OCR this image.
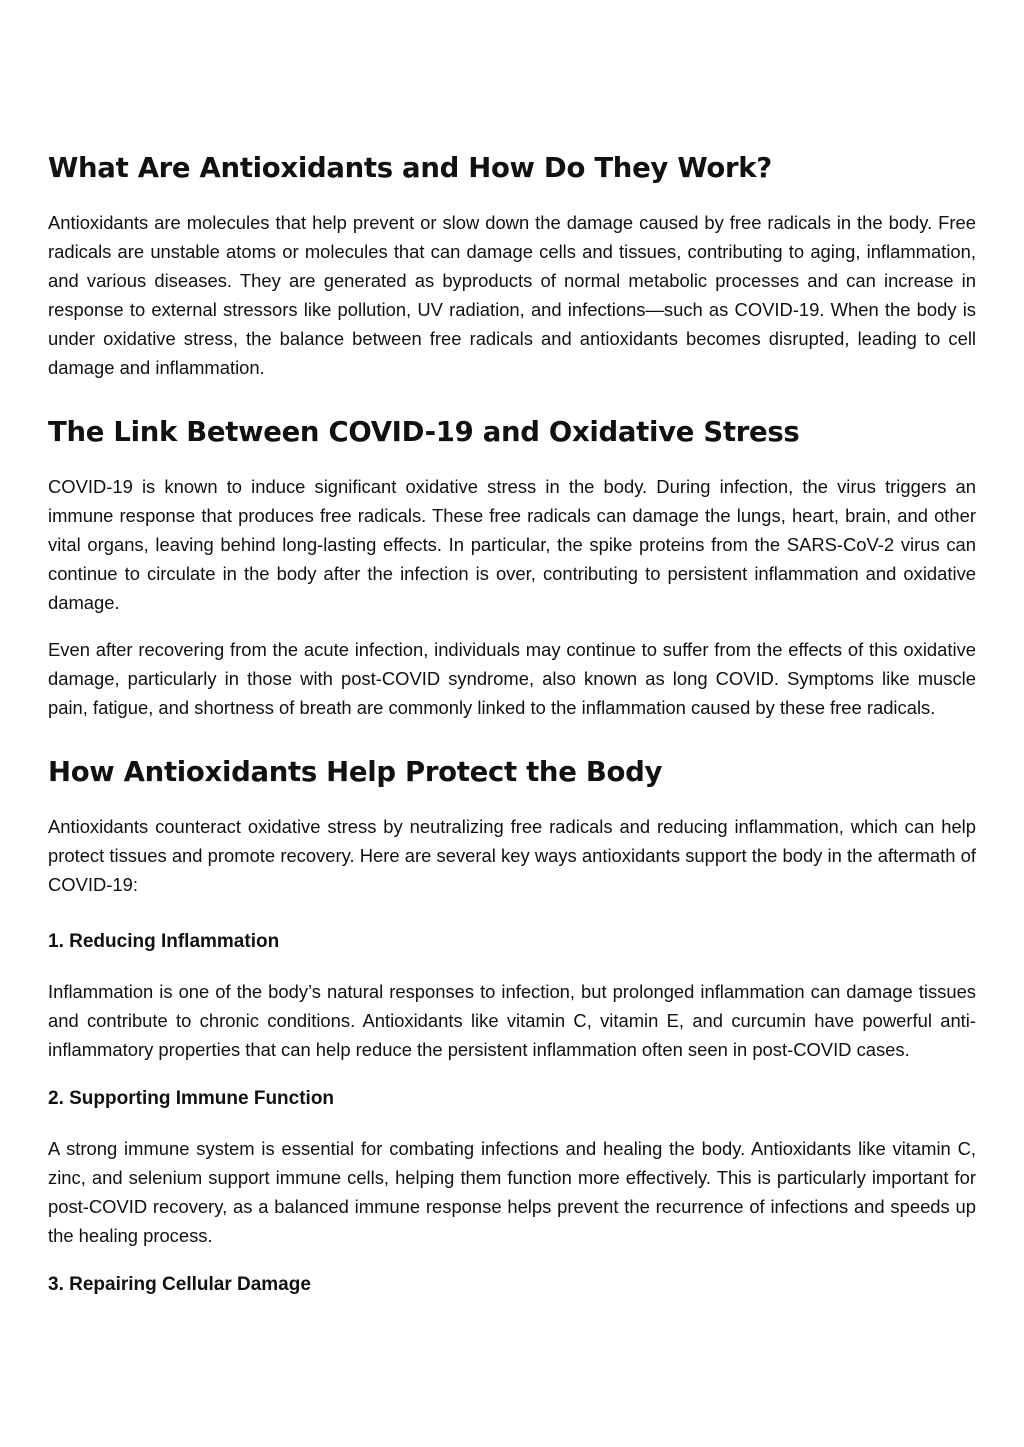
What Are Antioxidants and How Do They Work?

Antioxidants are molecules that help prevent or slow down the damage caused by free radicals in the body. Free radicals are unstable atoms or molecules that can damage cells and tissues, contributing to aging, inflammation, and various diseases. They are generated as byproducts of normal metabolic processes and can increase in response to external stressors like pollution, UV radiation, and infections—such as COVID-19. When the body is under oxidative stress, the balance between free radicals and antioxidants becomes disrupted, leading to cell damage and inflammation.

The Link Between COVID-19 and Oxidative Stress

COVID-19 is known to induce significant oxidative stress in the body. During infection, the virus triggers an immune response that produces free radicals. These free radicals can damage the lungs, heart, brain, and other vital organs, leaving behind long-lasting effects. In particular, the spike proteins from the SARS-CoV-2 virus can continue to circulate in the body after the infection is over, contributing to persistent inflammation and oxidative damage.

Even after recovering from the acute infection, individuals may continue to suffer from the effects of this oxidative damage, particularly in those with post-COVID syndrome, also known as long COVID. Symptoms like muscle pain, fatigue, and shortness of breath are commonly linked to the inflammation caused by these free radicals.

How Antioxidants Help Protect the Body

Antioxidants counteract oxidative stress by neutralizing free radicals and reducing inflammation, which can help protect tissues and promote recovery. Here are several key ways antioxidants support the body in the aftermath of COVID-19:

1. Reducing Inflammation

Inflammation is one of the body’s natural responses to infection, but prolonged inflammation can damage tissues and contribute to chronic conditions. Antioxidants like vitamin C, vitamin E, and curcumin have powerful anti-inflammatory properties that can help reduce the persistent inflammation often seen in post-COVID cases.

2. Supporting Immune Function

A strong immune system is essential for combating infections and healing the body. Antioxidants like vitamin C, zinc, and selenium support immune cells, helping them function more effectively. This is particularly important for post-COVID recovery, as a balanced immune response helps prevent the recurrence of infections and speeds up the healing process.

3. Repairing Cellular Damage
